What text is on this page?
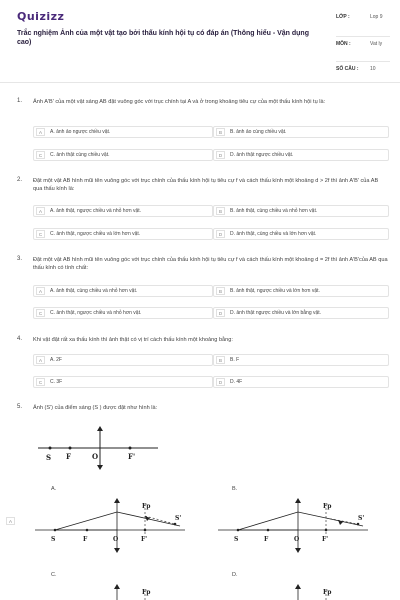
Quizizz
Trắc nghiệm Ảnh của một vật tạo bởi thấu kính hội tụ có đáp án (Thông hiểu - Vận dụng cao)
LỚP :	Lop 9
MÔN :	Vat ly
SỐ CÂU : 10
1. Ảnh A'B' của một vật sáng AB đặt vuông góc với trục chính tại A và ở trong khoảng tiêu cự của một thấu kính hội tụ là:
A	A. ảnh ảo ngược chiều vật.	B	B. ảnh ảo cùng chiều vật.
C	C. ảnh thật cùng chiều vật.	D	D. ảnh thật ngược chiều vật.
2. Đặt một vật AB hình mũi tên vuông góc với trục chính của thấu kính hội tụ tiêu cự f và cách thấu kính một khoảng d > 2f thì ảnh A'B' của AB qua thấu kính là:
A	A. ảnh thật, ngược chiều và nhỏ hơn vật.	B	B. ảnh thật, cùng chiều và nhỏ hơn vật.
C	C. ảnh thật, ngược chiều và lớn hơn vật.	D	D. ảnh thật, cùng chiều và lớn hơn vật.
3. Đặt một vật AB hình mũi tên vuông góc với trục chính của thấu kính hội tụ tiêu cự f và cách thấu kính một khoảng d = 2f thì ảnh A'B'của AB qua thấu kính có tính chất:
A	A. ảnh thật, cùng chiều và nhỏ hơn vật.	B	B. ảnh thật, ngược chiều và lớn hơn vật.
C	C. ảnh thật, ngược chiều và nhỏ hơn vật.	D	D. ảnh thật ngược chiều và lớn bằng vật.
4. Khi vật đặt rất xa thấu kính thì ảnh thật có vị trí cách thấu kính một khoảng bằng:
A	A. 2F	B	B. F
C	C. 3F	D	D. 4F
5. Ảnh (S') của điểm sáng (S ) được đặt như hình là:
S F	O	F'
A.	B.
A
S	F	O	F'
Fp
S'
S	F	O	F'
Fp
S'
C.	D.
Fp	Fp
